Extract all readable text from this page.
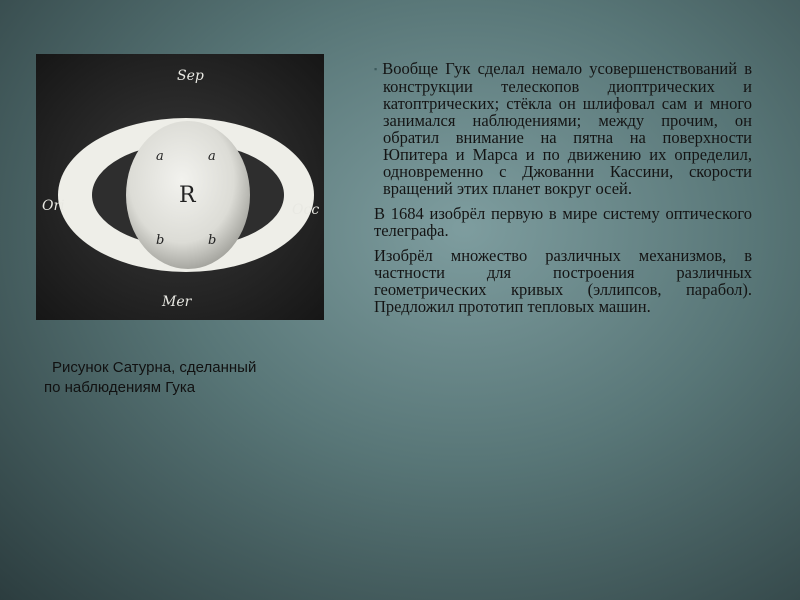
Sep
Ori	Occ
Mer
R
a	a
b	b

Рисунок Сатурна, сделанный
по наблюдениям Гука

▪ Вообще Гук сделал немало усовершенствований в конструкции телескопов диоптрических и катоптрических; стёкла он шлифовал сам и много занимался наблюдениями; между прочим, он обратил внимание на пятна на поверхности Юпитера и Марса и по движению их определил, одновременно с Джованни Кассини, скорости вращений этих планет вокруг осей.

В 1684 изобрёл первую в мире систему оптического телеграфа.

Изобрёл множество различных механизмов, в частности для построения различных геометрических кривых (эллипсов, парабол). Предложил прототип тепловых машин.
